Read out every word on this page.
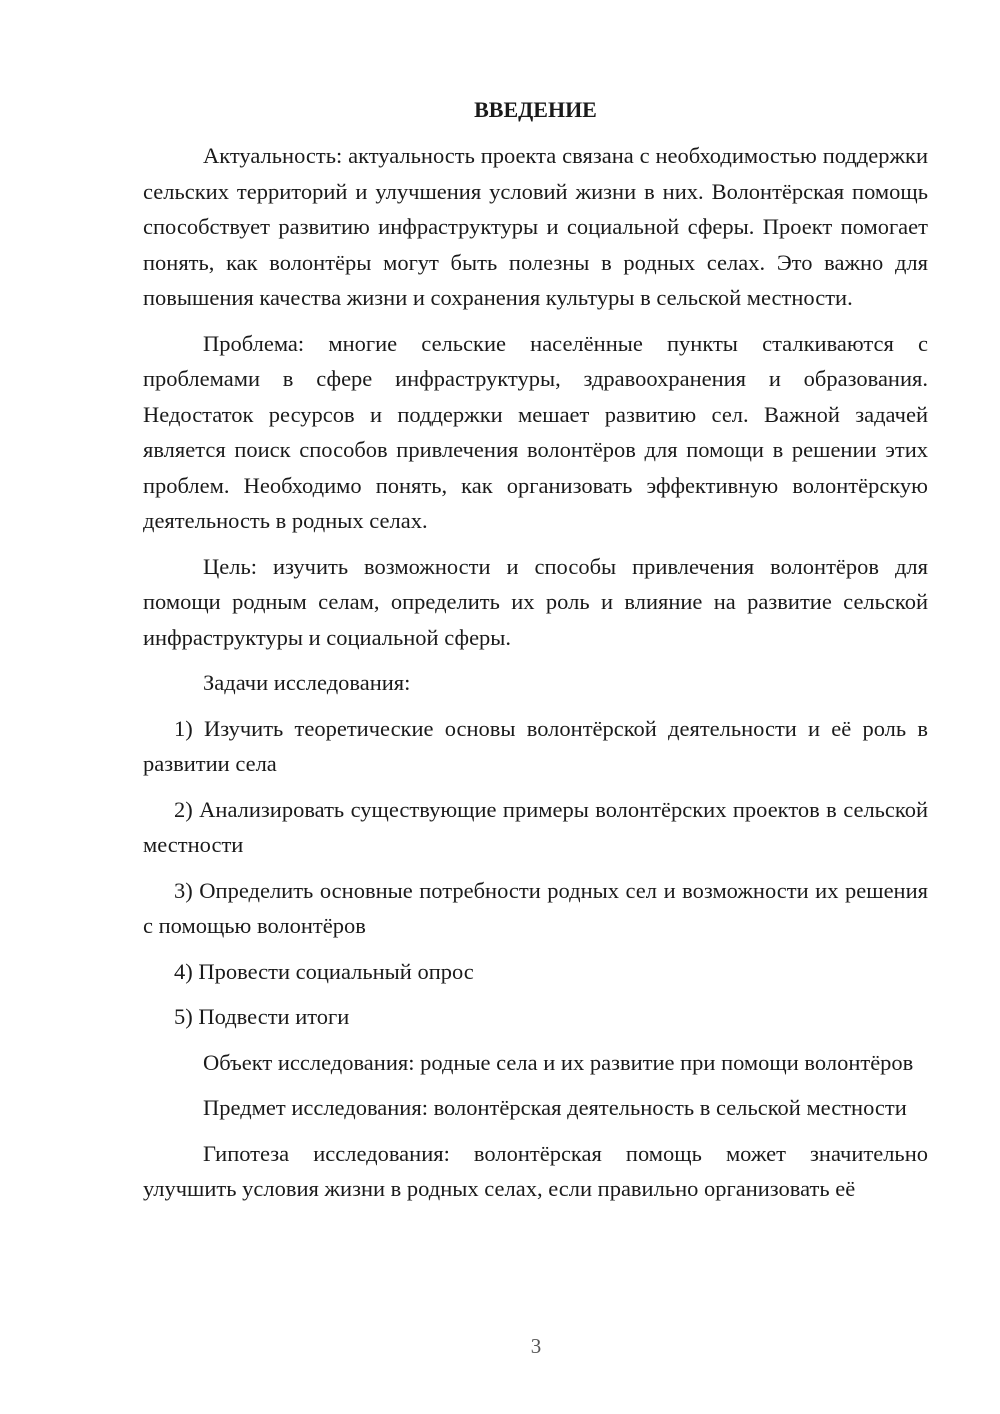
ВВЕДЕНИЕ

Актуальность: актуальность проекта связана с необходимостью поддержки сельских территорий и улучшения условий жизни в них. Волонтёрская помощь способствует развитию инфраструктуры и социальной сферы. Проект помогает понять, как волонтёры могут быть полезны в родных селах. Это важно для повышения качества жизни и сохранения культуры в сельской местности.

Проблема: многие сельские населённые пункты сталкиваются с проблемами в сфере инфраструктуры, здравоохранения и образования. Недостаток ресурсов и поддержки мешает развитию сел. Важной задачей является поиск способов привлечения волонтёров для помощи в решении этих проблем. Необходимо понять, как организовать эффективную волонтёрскую деятельность в родных селах.

Цель: изучить возможности и способы привлечения волонтёров для помощи родным селам, определить их роль и влияние на развитие сельской инфраструктуры и социальной сферы.

Задачи исследования:

1) Изучить теоретические основы волонтёрской деятельности и её роль в развитии села

2) Анализировать существующие примеры волонтёрских проектов в сельской местности

3) Определить основные потребности родных сел и возможности их решения с помощью волонтёров

4) Провести социальный опрос

5) Подвести итоги

Объект исследования: родные села и их развитие при помощи волонтёров

Предмет исследования: волонтёрская деятельность в сельской местности

Гипотеза исследования: волонтёрская помощь может значительно улучшить условия жизни в родных селах, если правильно организовать её

3
